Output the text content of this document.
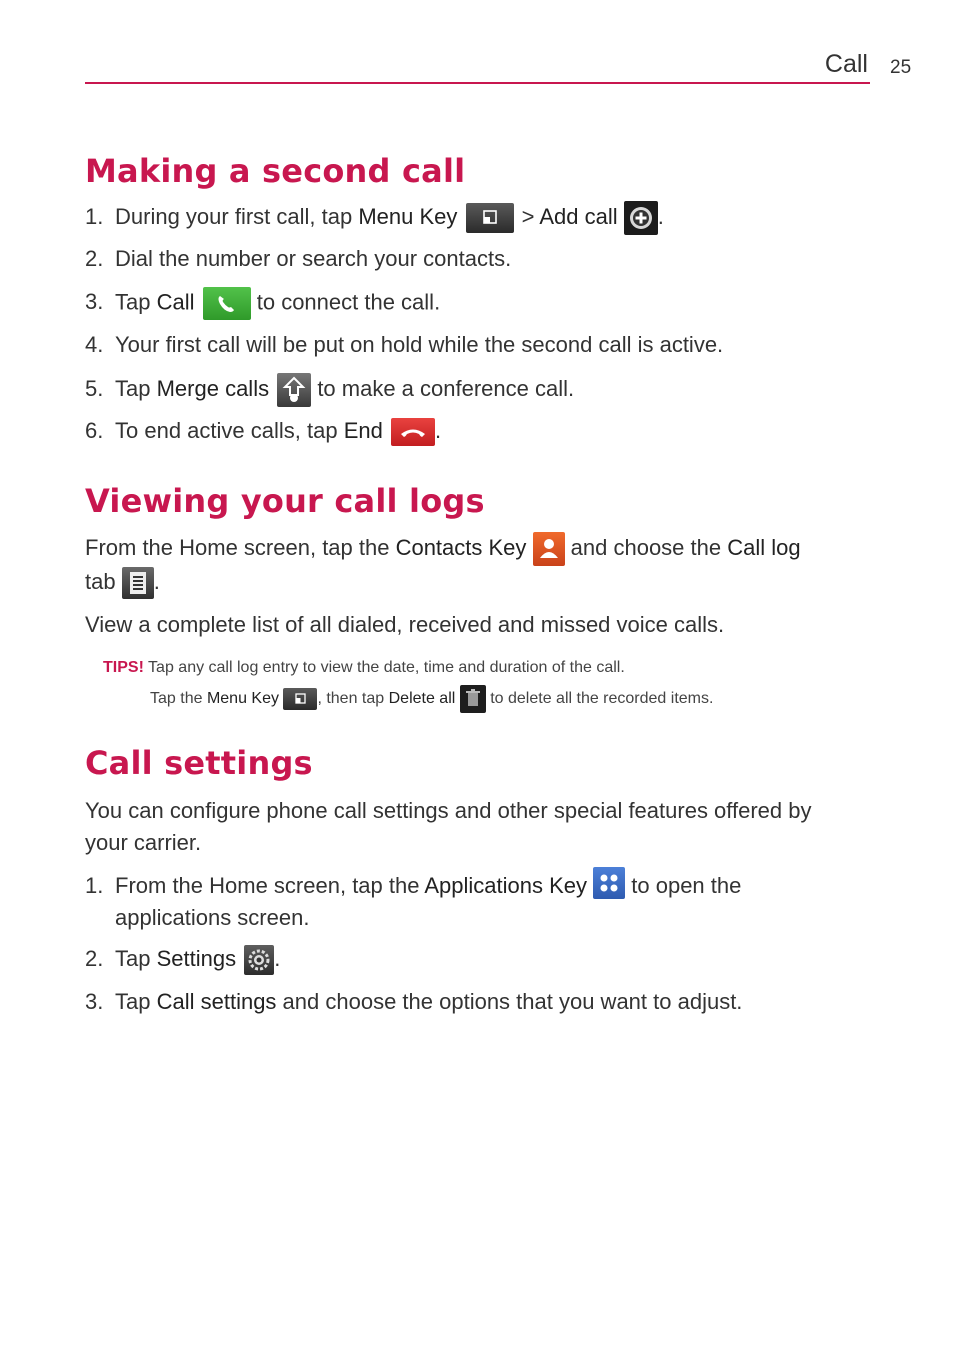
Call 25
Making a second call
1. During your first call, tap Menu Key	> Add call .
2. Dial the number or search your contacts.
3. Tap Call	to connect the call.
4. Your first call will be put on hold while the second call is active.
5. Tap Merge calls  to make a conference call.
6. To end active calls, tap End .
Viewing your call logs
From the Home screen, tap the Contacts Key  and choose the Call log
tab .
View a complete list of all dialed, received and missed voice calls.
TIPS! Tap any call log entry to view the date, time and duration of the call.
Tap the Menu Key , then tap Delete all  to delete all the recorded items.
Call settings
You can configure phone call settings and other special features offered by
your carrier.
1. From the Home screen, tap the Applications Key  to open the
applications screen.
2. Tap Settings .
3. Tap Call settings and choose the options that you want to adjust.
